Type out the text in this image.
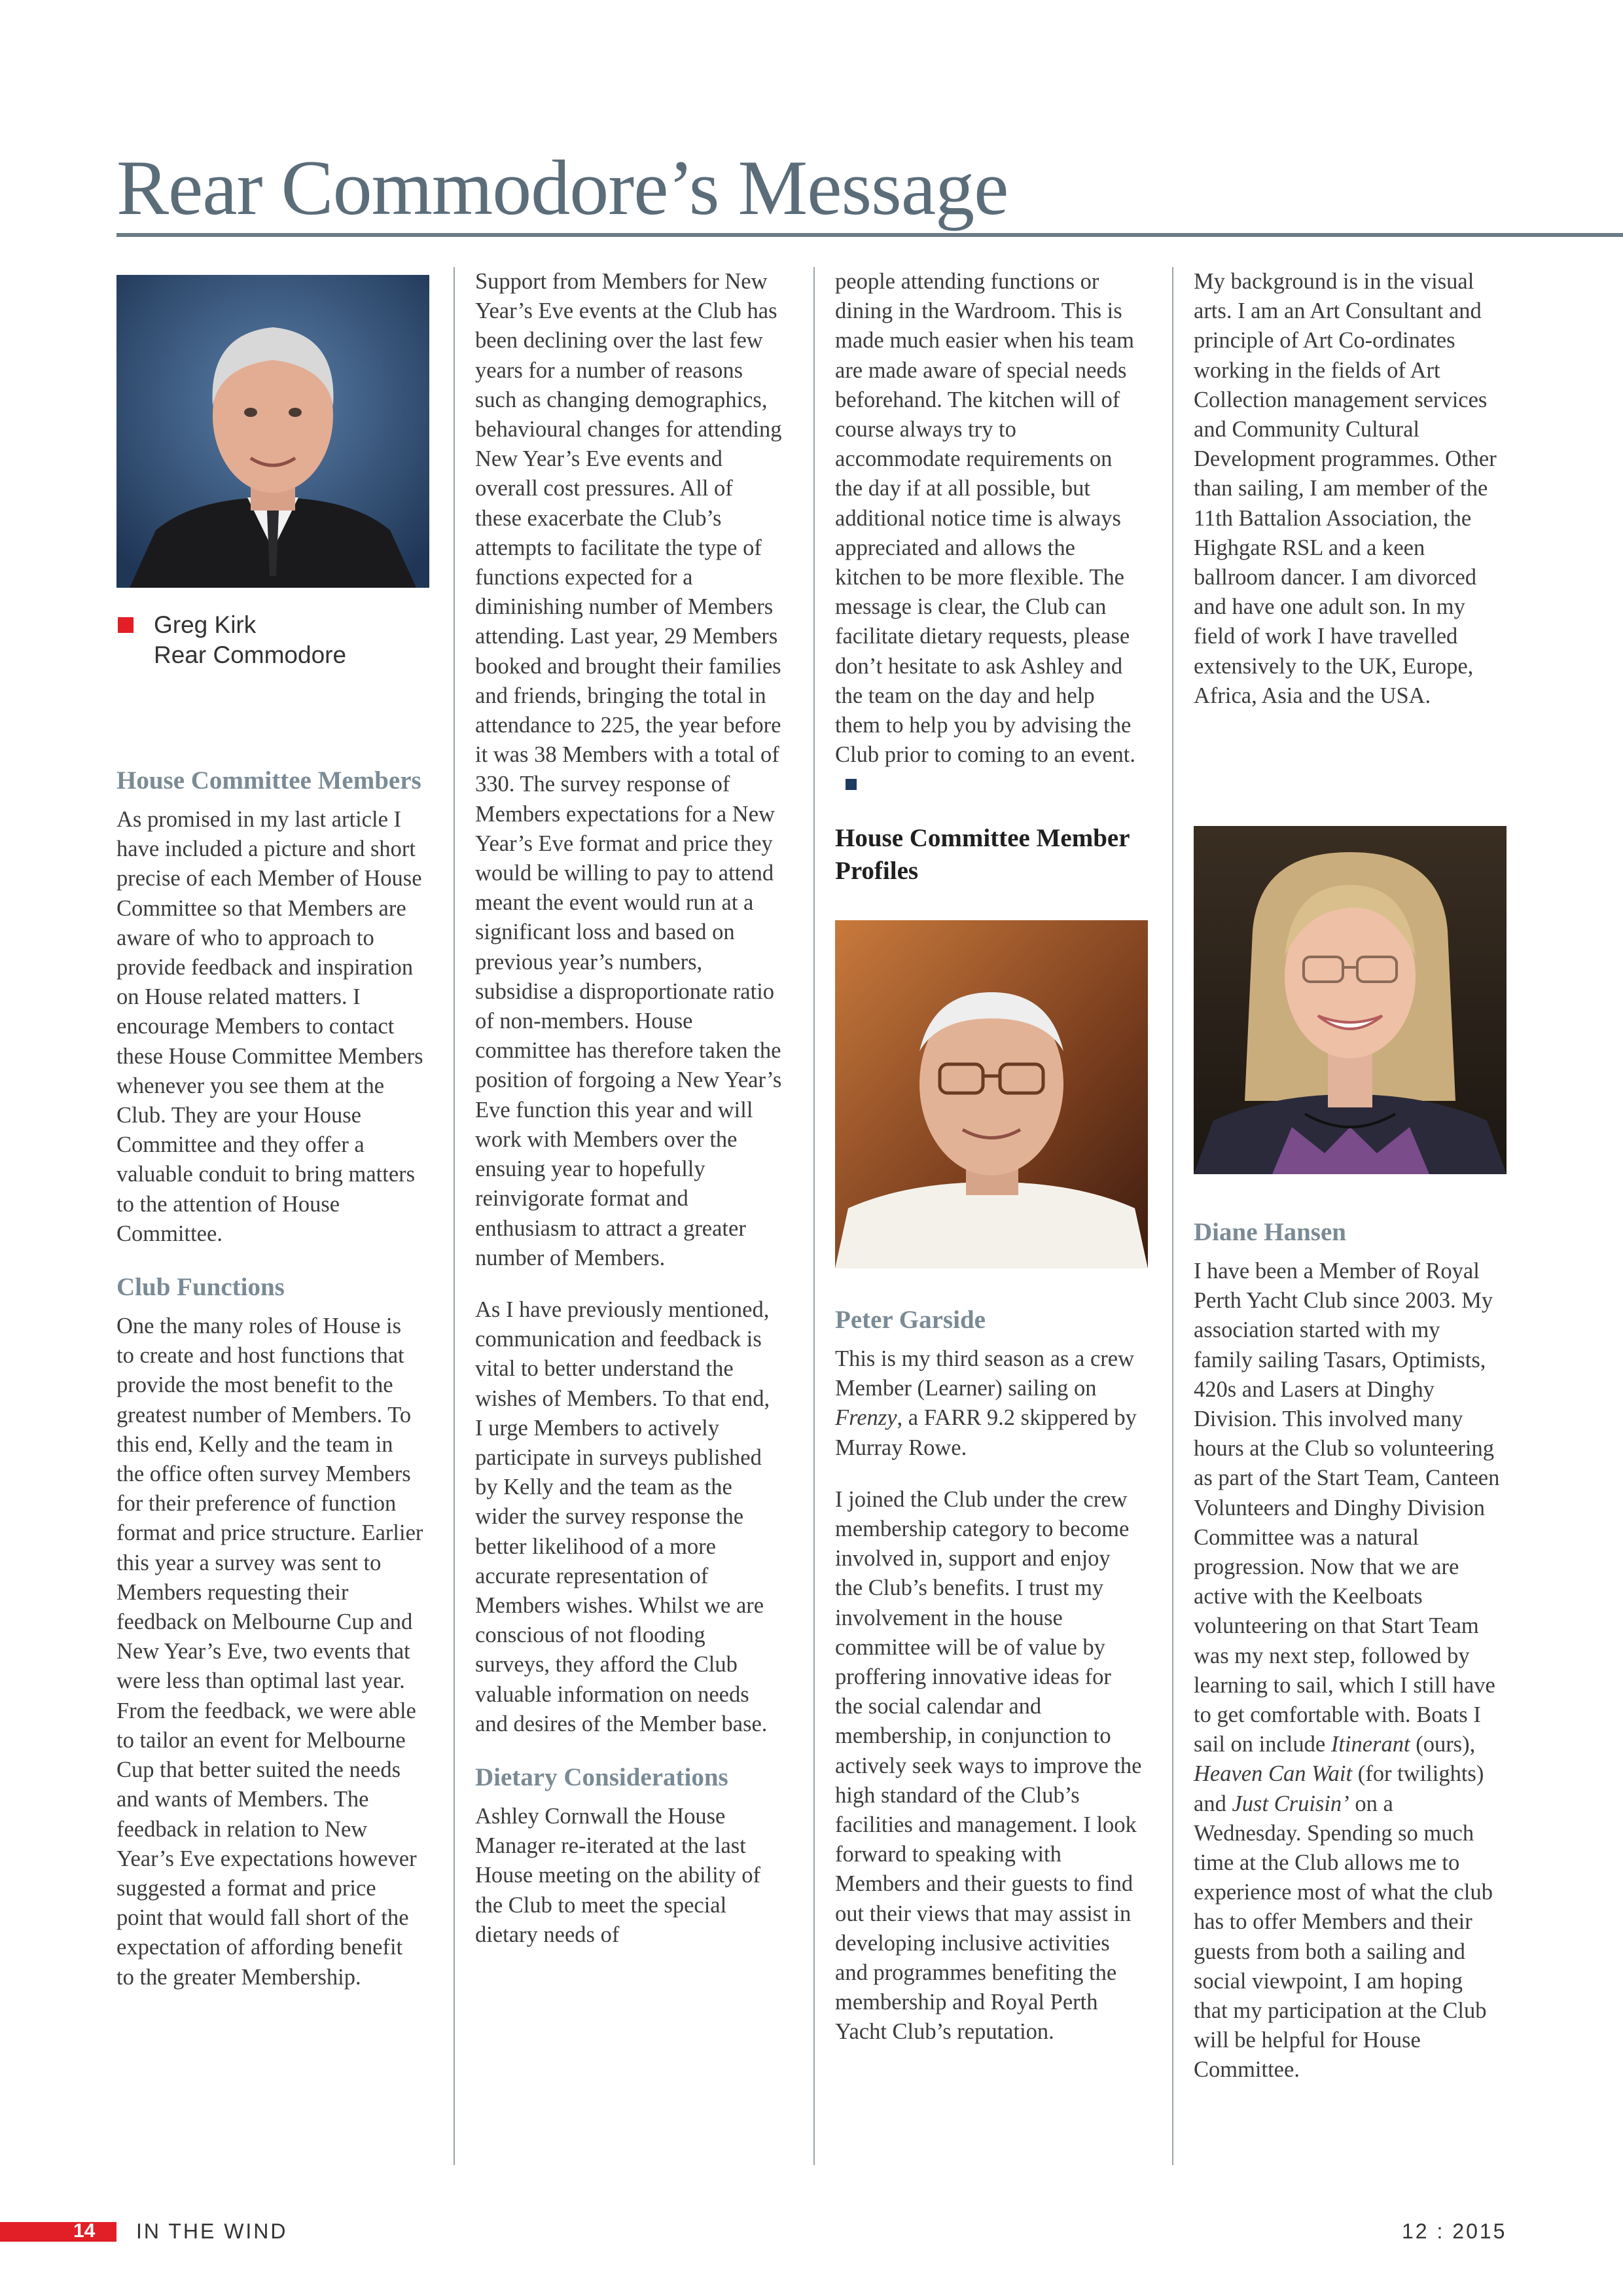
Rear Commodore’s Message

Greg Kirk
Rear Commodore

House Committee Members

As promised in my last article I have included a picture and short precise of each Member of House Committee so that Members are aware of who to approach to provide feedback and inspiration on House related matters. I encourage Members to contact these House Committee Members whenever you see them at the Club. They are your House Committee and they offer a valuable conduit to bring matters to the attention of House Committee.

Club Functions

One the many roles of House is to create and host functions that provide the most benefit to the greatest number of Members. To this end, Kelly and the team in the office often survey Members for their preference of function format and price structure. Earlier this year a survey was sent to Members requesting their feedback on Melbourne Cup and New Year’s Eve, two events that were less than optimal last year. From the feedback, we were able to tailor an event for Melbourne Cup that better suited the needs and wants of Members. The feedback in relation to New Year’s Eve expectations however suggested a format and price point that would fall short of the expectation of affording benefit to the greater Membership.

Support from Members for New Year’s Eve events at the Club has been declining over the last few years for a number of reasons such as changing demographics, behavioural changes for attending New Year’s Eve events and overall cost pressures. All of these exacerbate the Club’s attempts to facilitate the type of functions expected for a diminishing number of Members attending. Last year, 29 Members booked and brought their families and friends, bringing the total in attendance to 225, the year before it was 38 Members with a total of 330. The survey response of Members expectations for a New Year’s Eve format and price they would be willing to pay to attend meant the event would run at a significant loss and based on previous year’s numbers, subsidise a disproportionate ratio of non-members. House committee has therefore taken the position of forgoing a New Year’s Eve function this year and will work with Members over the ensuing year to hopefully reinvigorate format and enthusiasm to attract a greater number of Members.

As I have previously mentioned, communication and feedback is vital to better understand the wishes of Members. To that end, I urge Members to actively participate in surveys published by Kelly and the team as the wider the survey response the better likelihood of a more accurate representation of Members wishes. Whilst we are conscious of not flooding surveys, they afford the Club valuable information on needs and desires of the Member base.

Dietary Considerations

Ashley Cornwall the House Manager re-iterated at the last House meeting on the ability of the Club to meet the special dietary needs of

people attending functions or dining in the Wardroom. This is made much easier when his team are made aware of special needs beforehand. The kitchen will of course always try to accommodate requirements on the day if at all possible, but additional notice time is always appreciated and allows the kitchen to be more flexible. The message is clear, the Club can facilitate dietary requests, please don’t hesitate to ask Ashley and the team on the day and help them to help you by advising the Club prior to coming to an event.

House Committee Member Profiles
Peter Garside

This is my third season as a crew Member (Learner) sailing on Frenzy, a FARR 9.2 skippered by Murray Rowe.

I joined the Club under the crew membership category to become involved in, support and enjoy the Club’s benefits. I trust my involvement in the house committee will be of value by proffering innovative ideas for the social calendar and membership, in conjunction to actively seek ways to improve the high standard of the Club’s facilities and management. I look forward to speaking with Members and their guests to find out their views that may assist in developing inclusive activities and programmes benefiting the membership and Royal Perth Yacht Club’s reputation.

My background is in the visual arts. I am an Art Consultant and principle of Art Co-ordinates working in the fields of Art Collection management services and Community Cultural Development programmes. Other than sailing, I am member of the 11th Battalion Association, the Highgate RSL and a keen ballroom dancer. I am divorced and have one adult son. In my field of work I have travelled extensively to the UK, Europe, Africa, Asia and the USA.

Diane Hansen

I have been a Member of Royal Perth Yacht Club since 2003. My association started with my family sailing Tasars, Optimists, 420s and Lasers at Dinghy Division. This involved many hours at the Club so volunteering as part of the Start Team, Canteen Volunteers and Dinghy Division Committee was a natural progression. Now that we are active with the Keelboats volunteering on that Start Team was my next step, followed by learning to sail, which I still have to get comfortable with. Boats I sail on include Itinerant (ours), Heaven Can Wait (for twilights) and Just Cruisin’ on a Wednesday. Spending so much time at the Club allows me to experience most of what the club has to offer Members and their guests from both a sailing and social viewpoint, I am hoping that my participation at the Club will be helpful for House Committee.

14 IN THE WIND	12 : 2015
